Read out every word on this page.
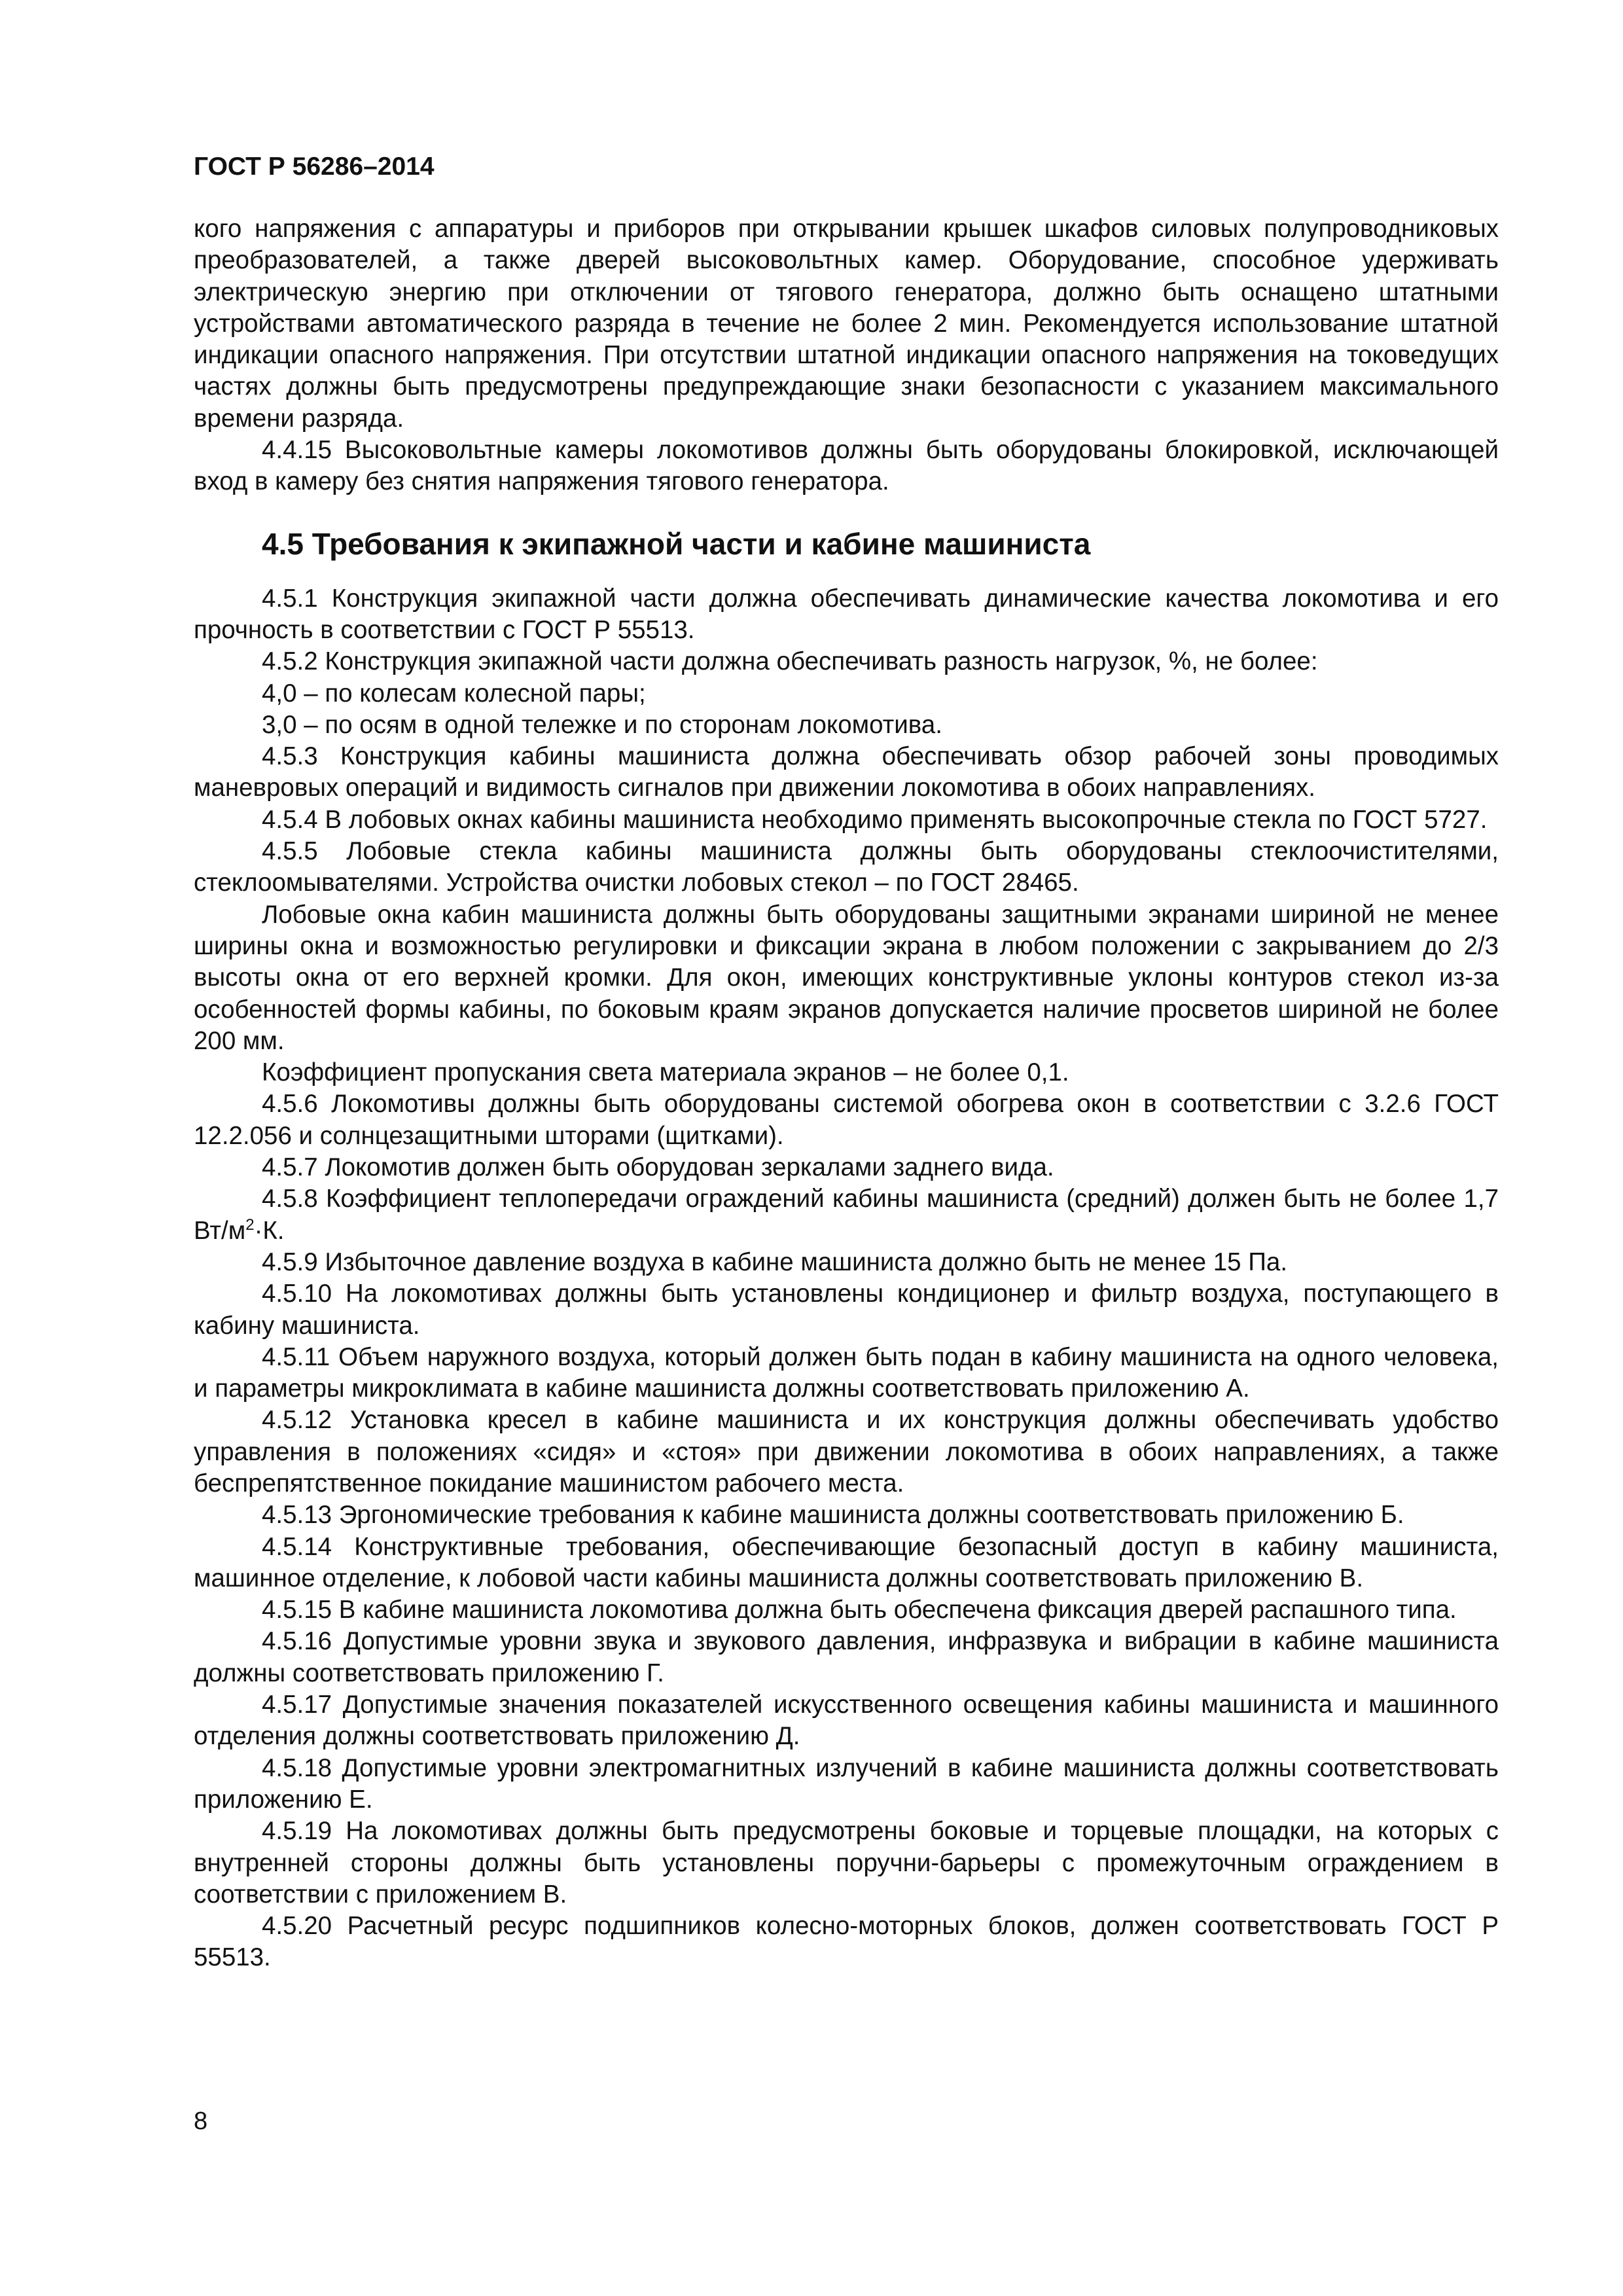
ГОСТ Р 56286–2014

кого напряжения с аппаратуры и приборов при открывании крышек шкафов силовых полупроводниковых преобразователей, а также дверей высоковольтных камер. Оборудование, способное удерживать электрическую энергию при отключении от тягового генератора, должно быть оснащено штатными устройствами автоматического разряда в течение не более 2 мин. Рекомендуется использование штатной индикации опасного напряжения. При отсутствии штатной индикации опасного напряжения на токоведущих частях должны быть предусмотрены предупреждающие знаки безопасности с указанием максимального времени разряда.

4.4.15 Высоковольтные камеры локомотивов должны быть оборудованы блокировкой, исключающей вход в камеру без снятия напряжения тягового генератора.

4.5 Требования к экипажной части и кабине машиниста

4.5.1 Конструкция экипажной части должна обеспечивать динамические качества локомотива и его прочность в соответствии с ГОСТ Р 55513.

4.5.2 Конструкция экипажной части должна обеспечивать разность нагрузок, %, не более:

4,0 – по колесам колесной пары;

3,0 – по осям в одной тележке и по сторонам локомотива.

4.5.3 Конструкция кабины машиниста должна обеспечивать обзор рабочей зоны проводимых маневровых операций и видимость сигналов при движении локомотива в обоих направлениях.

4.5.4 В лобовых окнах кабины машиниста необходимо применять высокопрочные стекла по ГОСТ 5727.

4.5.5 Лобовые стекла кабины машиниста должны быть оборудованы стеклоочистителями, стеклоомывателями. Устройства очистки лобовых стекол – по ГОСТ 28465.

Лобовые окна кабин машиниста должны быть оборудованы защитными экранами шириной не менее ширины окна и возможностью регулировки и фиксации экрана в любом положении с закрыванием до 2/3 высоты окна от его верхней кромки. Для окон, имеющих конструктивные уклоны контуров стекол из-за особенностей формы кабины, по боковым краям экранов допускается наличие просветов шириной не более 200 мм.

Коэффициент пропускания света материала экранов – не более 0,1.

4.5.6 Локомотивы должны быть оборудованы системой обогрева окон в соответствии с 3.2.6 ГОСТ 12.2.056 и солнцезащитными шторами (щитками).

4.5.7 Локомотив должен быть оборудован зеркалами заднего вида.

4.5.8 Коэффициент теплопередачи ограждений кабины машиниста (средний) должен быть не более 1,7 $Вт/м^2\cdot К$.

4.5.9 Избыточное давление воздуха в кабине машиниста должно быть не менее 15 Па.

4.5.10 На локомотивах должны быть установлены кондиционер и фильтр воздуха, поступающего в кабину машиниста.

4.5.11 Объем наружного воздуха, который должен быть подан в кабину машиниста на одного человека, и параметры микроклимата в кабине машиниста должны соответствовать приложению А.

4.5.12 Установка кресел в кабине машиниста и их конструкция должны обеспечивать удобство управления в положениях «сидя» и «стоя» при движении локомотива в обоих направлениях, а также беспрепятственное покидание машинистом рабочего места.

4.5.13 Эргономические требования к кабине машиниста должны соответствовать приложению Б.

4.5.14 Конструктивные требования, обеспечивающие безопасный доступ в кабину машиниста, машинное отделение, к лобовой части кабины машиниста должны соответствовать приложению В.

4.5.15 В кабине машиниста локомотива должна быть обеспечена фиксация дверей распашного типа.

4.5.16 Допустимые уровни звука и звукового давления, инфразвука и вибрации в кабине машиниста должны соответствовать приложению Г.

4.5.17 Допустимые значения показателей искусственного освещения кабины машиниста и машинного отделения должны соответствовать приложению Д.

4.5.18 Допустимые уровни электромагнитных излучений в кабине машиниста должны соответствовать приложению Е.

4.5.19 На локомотивах должны быть предусмотрены боковые и торцевые площадки, на которых с внутренней стороны должны быть установлены поручни-барьеры с промежуточным ограждением в соответствии с приложением В.

4.5.20 Расчетный ресурс подшипников колесно-моторных блоков, должен соответствовать ГОСТ Р 55513.

8
